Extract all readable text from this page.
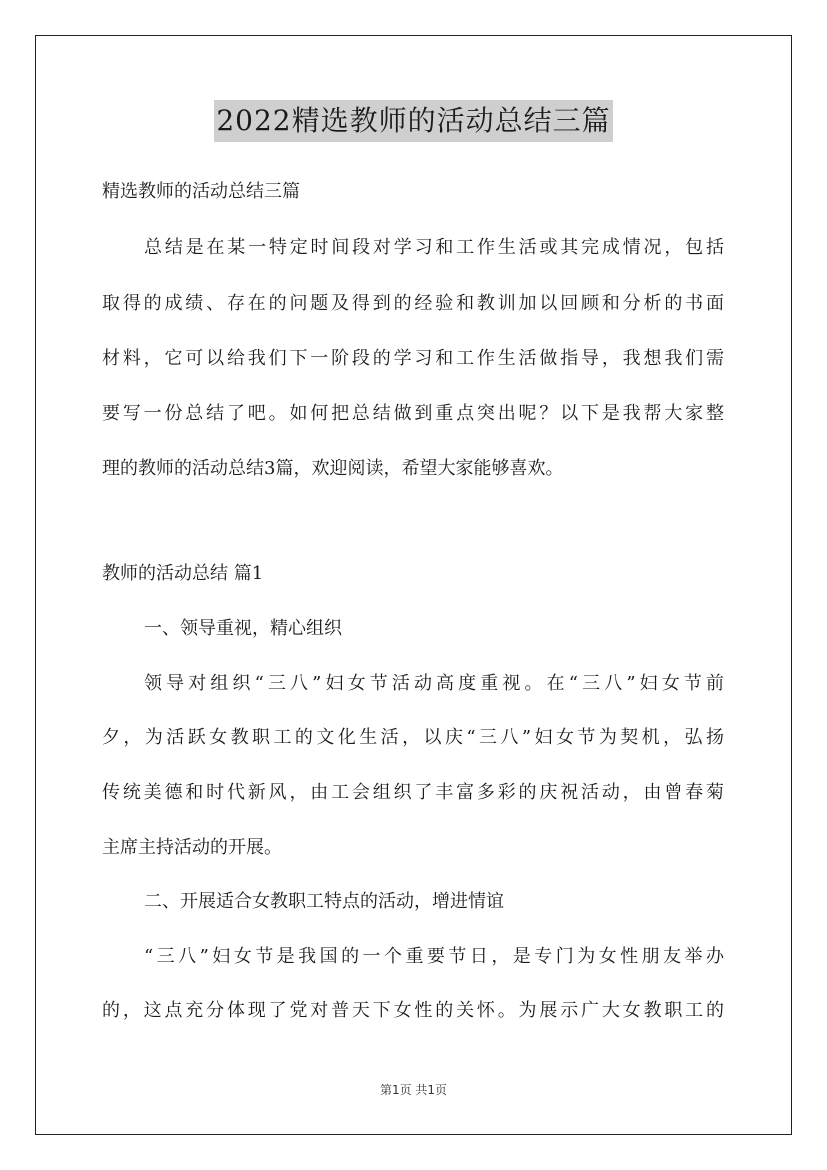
2022精选教师的活动总结三篇
精选教师的活动总结三篇
总结是在某一特定时间段对学习和工作生活或其完成情况，包括
取得的成绩、存在的问题及得到的经验和教训加以回顾和分析的书面
材料，它可以给我们下一阶段的学习和工作生活做指导，我想我们需
要写一份总结了吧。如何把总结做到重点突出呢？以下是我帮大家整
理的教师的活动总结3篇，欢迎阅读，希望大家能够喜欢。
教师的活动总结 篇1
一、领导重视，精心组织
领导对组织“三八”妇女节活动高度重视。在“三八”妇女节前
夕，为活跃女教职工的文化生活，以庆“三八”妇女节为契机，弘扬
传统美德和时代新风，由工会组织了丰富多彩的庆祝活动，由曾春菊
主席主持活动的开展。
二、开展适合女教职工特点的活动，增进情谊
“三八”妇女节是我国的一个重要节日，是专门为女性朋友举办
的，这点充分体现了党对普天下女性的关怀。为展示广大女教职工的
第1页 共1页
